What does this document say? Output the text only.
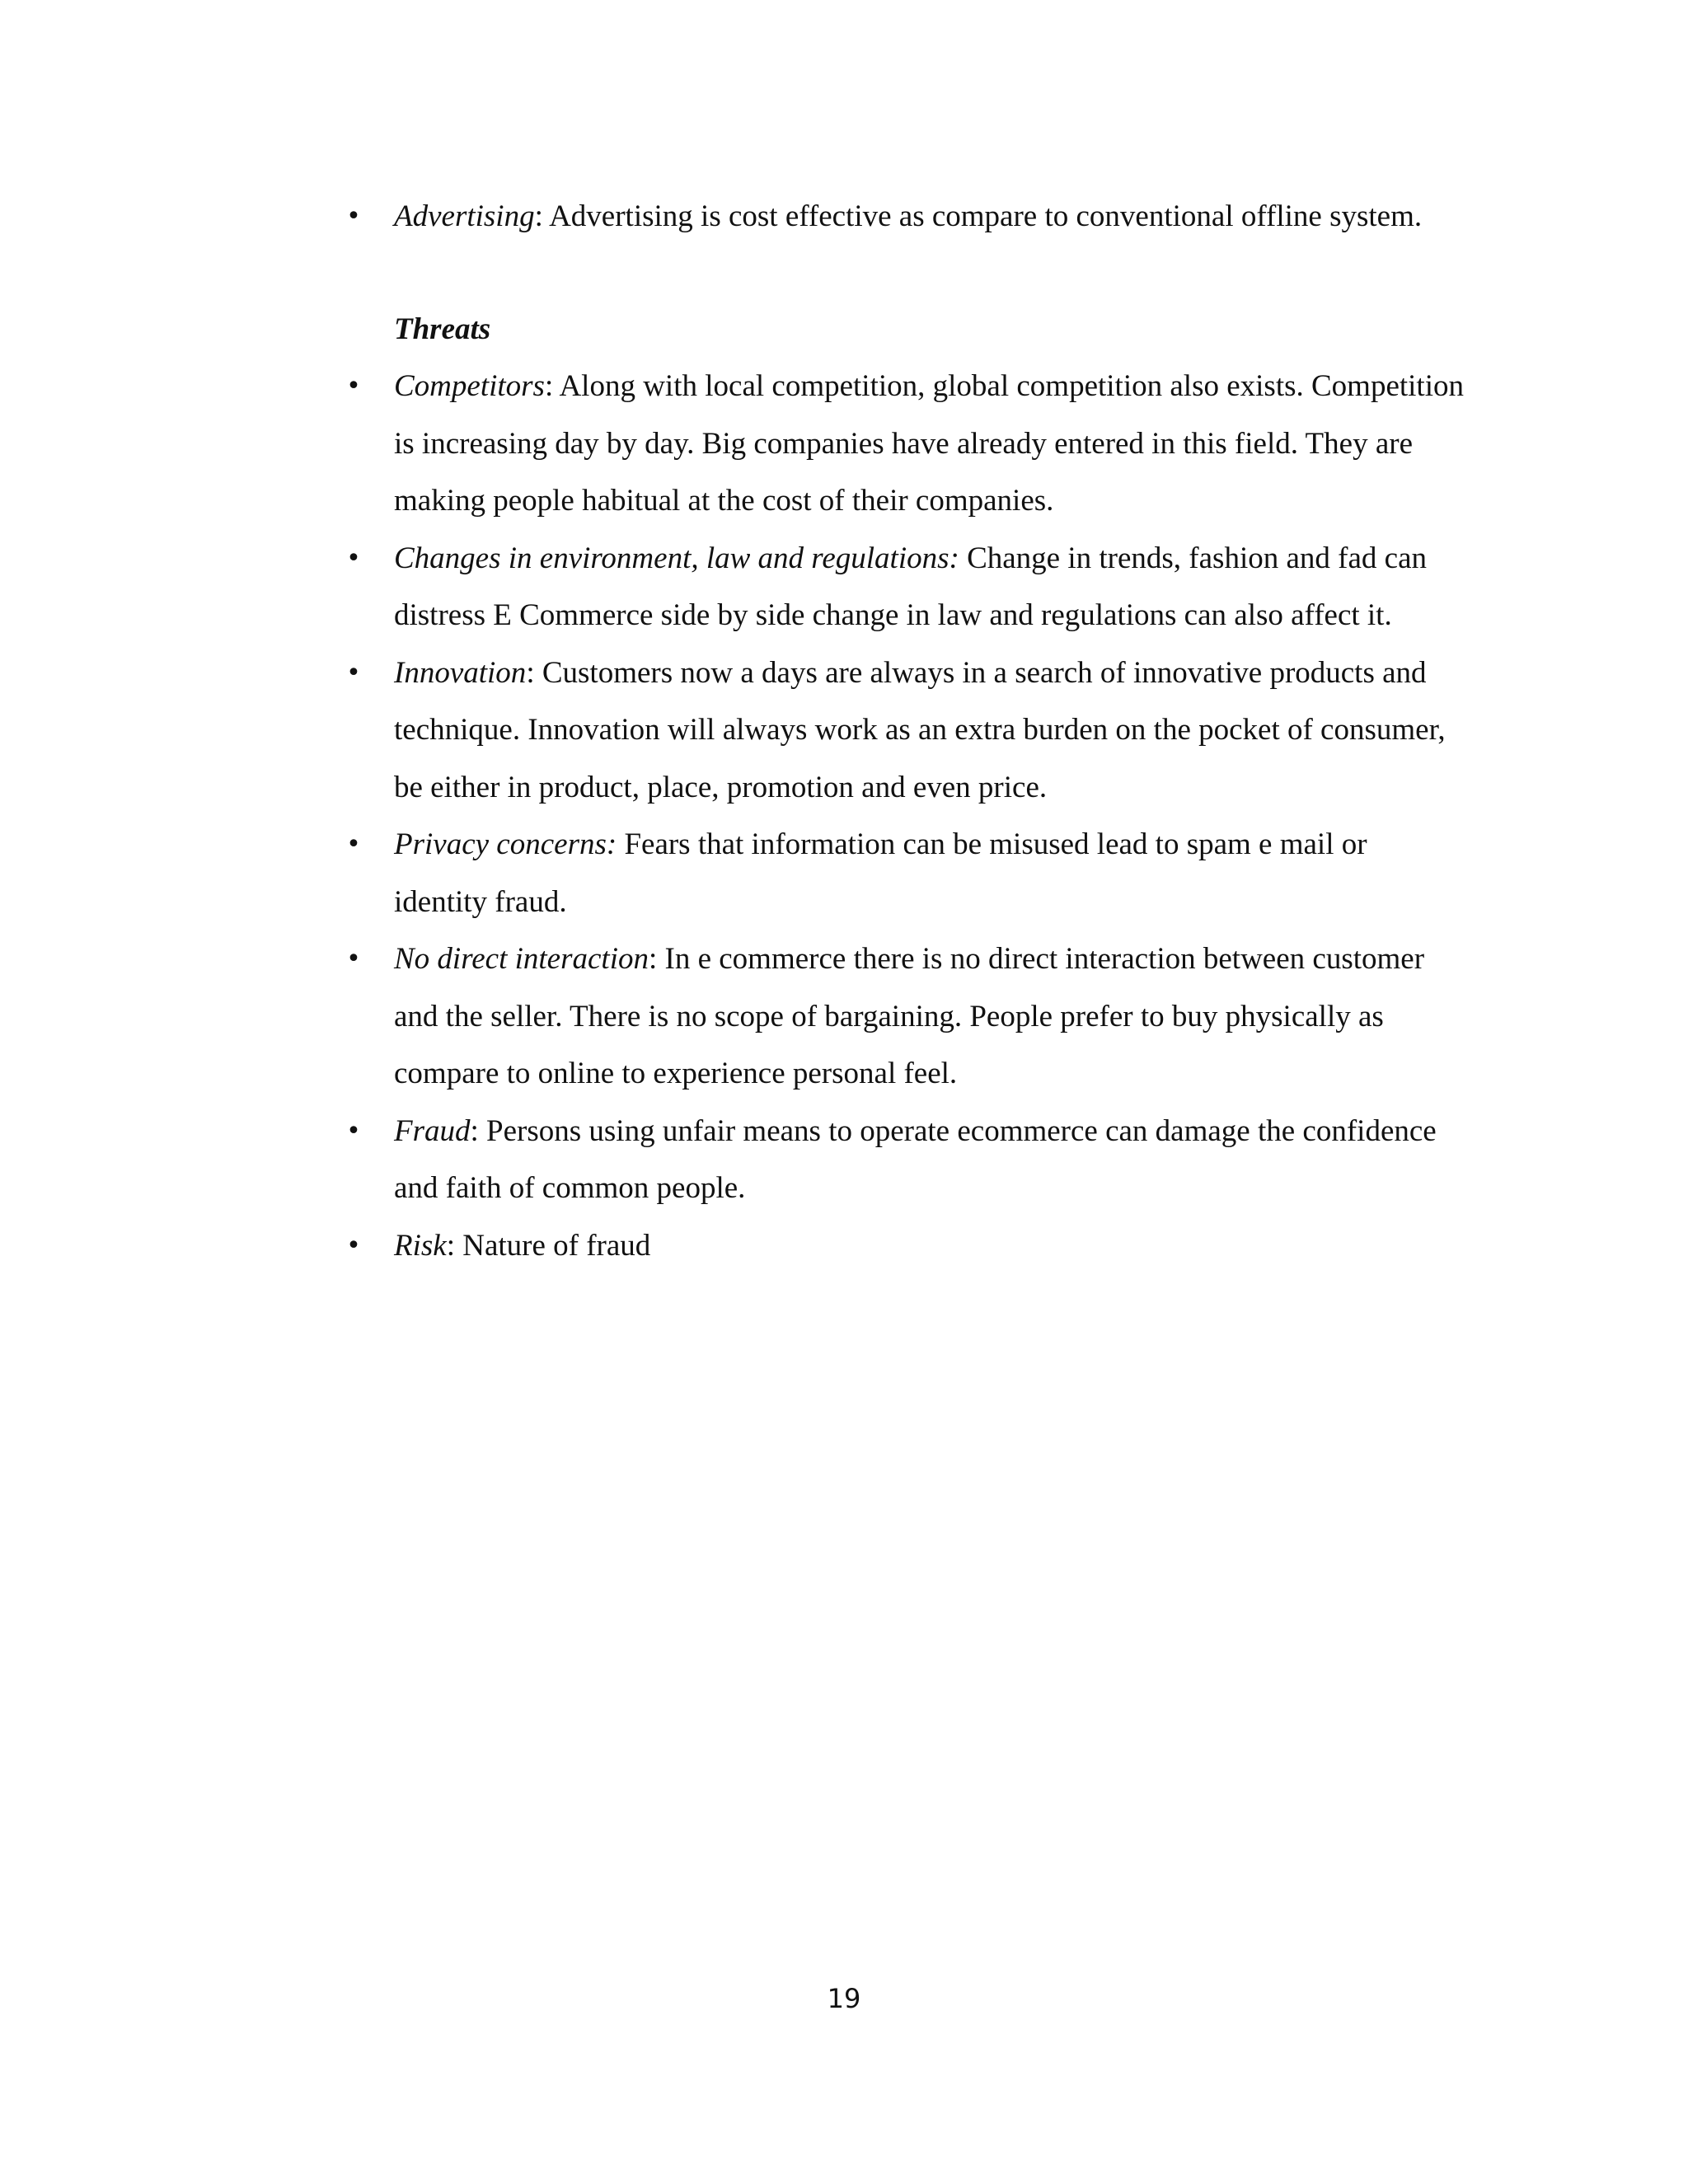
• Advertising: Advertising is cost effective as compare to conventional offline system.

Threats

• Competitors: Along with local competition, global competition also exists. Competition is increasing day by day. Big companies have already entered in this field. They are making people habitual at the cost of their companies.
• Changes in environment, law and regulations: Change in trends, fashion and fad can distress E Commerce side by side change in law and regulations can also affect it.
• Innovation: Customers now a days are always in a search of innovative products and technique. Innovation will always work as an extra burden on the pocket of consumer, be either in product, place, promotion and even price.
• Privacy concerns: Fears that information can be misused lead to spam e mail or identity fraud.
• No direct interaction: In e commerce there is no direct interaction between customer and the seller. There is no scope of bargaining. People prefer to buy physically as compare to online to experience personal feel.
• Fraud: Persons using unfair means to operate ecommerce can damage the confidence and faith of common people.
• Risk: Nature of fraud
19
